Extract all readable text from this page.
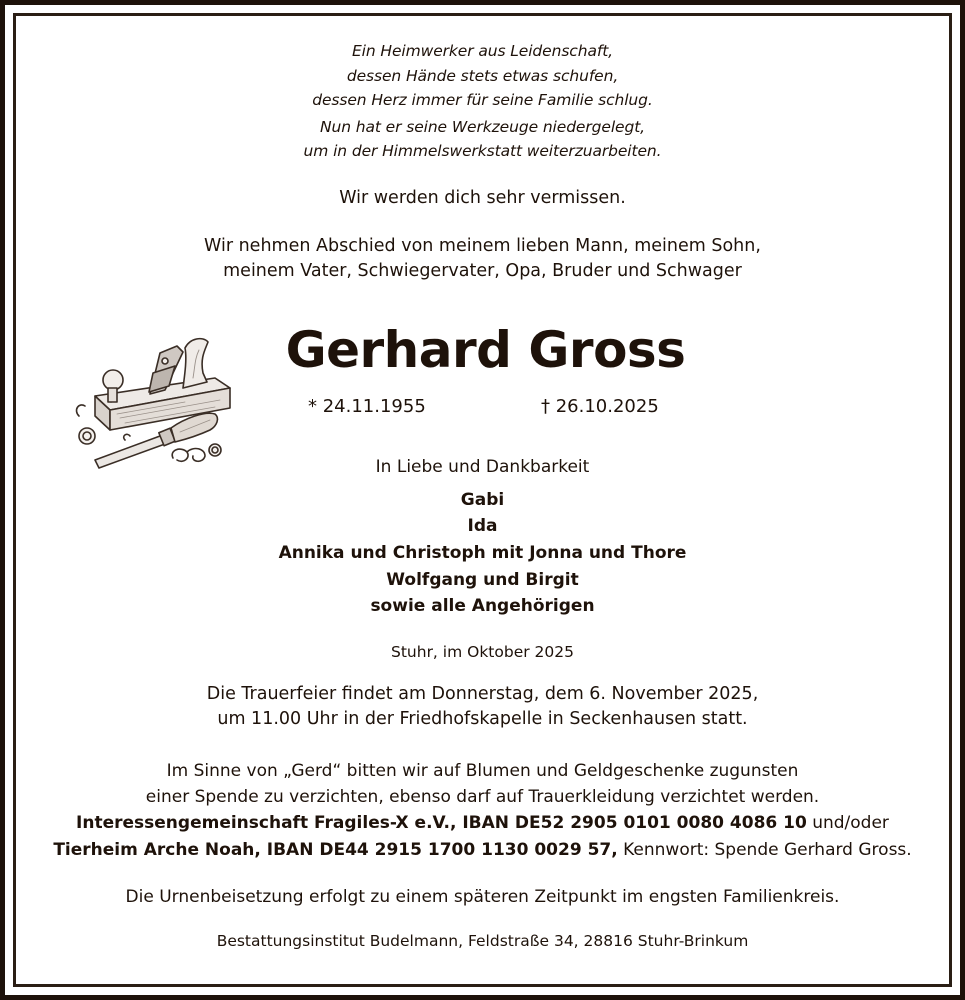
Ein Heimwerker aus Leidenschaft,
dessen Hände stets etwas schufen,
dessen Herz immer für seine Familie schlug.
Nun hat er seine Werkzeuge niedergelegt,
um in der Himmelswerkstatt weiterzuarbeiten.
Wir werden dich sehr vermissen.
Wir nehmen Abschied von meinem lieben Mann, meinem Sohn,
meinem Vater, Schwiegervater, Opa, Bruder und Schwager
Gerhard Gross
* 24.11.1955	† 26.10.2025
In Liebe und Dankbarkeit
Gabi
Ida
Annika und Christoph mit Jonna und Thore
Wolfgang und Birgit
sowie alle Angehörigen
Stuhr, im Oktober 2025
Die Trauerfeier findet am Donnerstag, dem 6. November 2025,
um 11.00 Uhr in der Friedhofskapelle in Seckenhausen statt.
Im Sinne von „Gerd“ bitten wir auf Blumen und Geldgeschenke zugunsten
einer Spende zu verzichten, ebenso darf auf Trauerkleidung verzichtet werden.
Interessengemeinschaft Fragiles-X e.V., IBAN DE52 2905 0101 0080 4086 10 und/oder
Tierheim Arche Noah, IBAN DE44 2915 1700 1130 0029 57, Kennwort: Spende Gerhard Gross.
Die Urnenbeisetzung erfolgt zu einem späteren Zeitpunkt im engsten Familienkreis.
Bestattungsinstitut Budelmann, Feldstraße 34, 28816 Stuhr-Brinkum
